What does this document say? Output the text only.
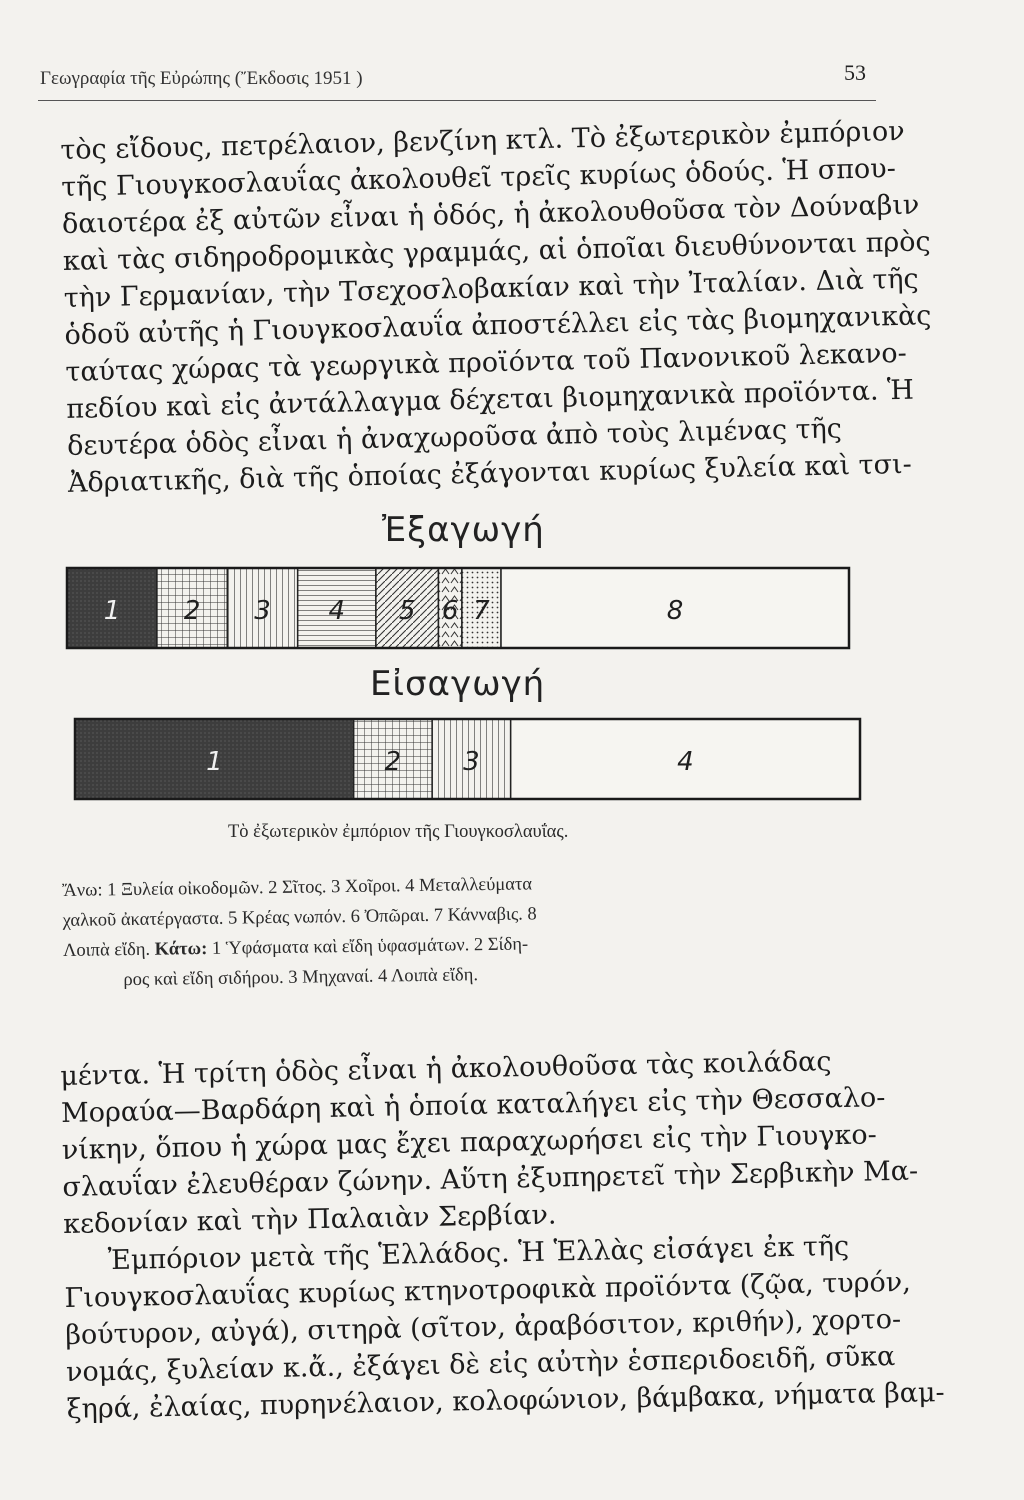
Γεωγραφία τῆς Εὐρώπης (Ἔκδοσις 1951 )	53
τὸς εἴδους, πετρέλαιον, βενζίνη κτλ. Τὸ ἐξωτερικὸν ἐμπόριον
τῆς Γιουγκοσλαυΐας ἀκολουθεῖ τρεῖς κυρίως ὁδούς. Ἡ σπου-
δαιοτέρα ἐξ αὐτῶν εἶναι ἡ ὁδός, ἡ ἀκολουθοῦσα τὸν Δούναβιν
καὶ τὰς σιδηροδρομικὰς γραμμάς, αἱ ὁποῖαι διευθύνονται πρὸς
τὴν Γερμανίαν, τὴν Τσεχοσλοβακίαν καὶ τὴν Ἰταλίαν. Διὰ τῆς
ὁδοῦ αὐτῆς ἡ Γιουγκοσλαυΐα ἀποστέλλει εἰς τὰς βιομηχανικὰς
ταύτας χώρας τὰ γεωργικὰ προϊόντα τοῦ Πανονικοῦ λεκανο-
πεδίου καὶ εἰς ἀντάλλαγμα δέχεται βιομηχανικὰ προϊόντα. Ἡ
δευτέρα ὁδὸς εἶναι ἡ ἀναχωροῦσα ἀπὸ τοὺς λιμένας τῆς
Ἀδριατικῆς, διὰ τῆς ὁποίας ἐξάγονται κυρίως ξυλεία καὶ τσι-
Ἐξαγωγή
Εἰσαγωγή
1 2 3 4 5 6 7	8
1	2 3	4
Τὸ ἐξωτερικὸν ἐμπόριον τῆς Γιουγκοσλαυΐας.
Ἄνω: 1 Ξυλεία οἰκοδομῶν. 2 Σῖτος. 3 Χοῖροι. 4 Μεταλλεύματα
χαλκοῦ ἀκατέργαστα. 5 Κρέας νωπόν. 6 Ὀπῶραι. 7 Κάνναβις. 8
Λοιπὰ εἴδη. Κάτω: 1 Ὑφάσματα καὶ εἴδη ὑφασμάτων. 2 Σίδη-
ρος καὶ εἴδη σιδήρου. 3 Μηχαναί. 4 Λοιπὰ εἴδη.
μέντα. Ἡ τρίτη ὁδὸς εἶναι ἡ ἀκολουθοῦσα τὰς κοιλάδας
Μοραύα—Βαρδάρη καὶ ἡ ὁποία καταλήγει εἰς τὴν Θεσσαλο-
νίκην, ὅπου ἡ χώρα μας ἔχει παραχωρήσει εἰς τὴν Γιουγκο-
σλαυΐαν ἐλευθέραν ζώνην. Αὕτη ἐξυπηρετεῖ τὴν Σερβικὴν Μα-
κεδονίαν καὶ τὴν Παλαιὰν Σερβίαν.
Ἐμπόριον μετὰ τῆς Ἑλλάδος. Ἡ Ἑλλὰς εἰσάγει ἐκ τῆς
Γιουγκοσλαυΐας κυρίως κτηνοτροφικὰ προϊόντα (ζῷα, τυρόν,
βούτυρον, αὐγά), σιτηρὰ (σῖτον, ἀραβόσιτον, κριθήν), χορτο-
νομάς, ξυλείαν κ.ἄ., ἐξάγει δὲ εἰς αὐτὴν ἑσπεριδοειδῆ, σῦκα
ξηρά, ἐλαίας, πυρηνέλαιον, κολοφώνιον, βάμβακα, νήματα βαμ-
